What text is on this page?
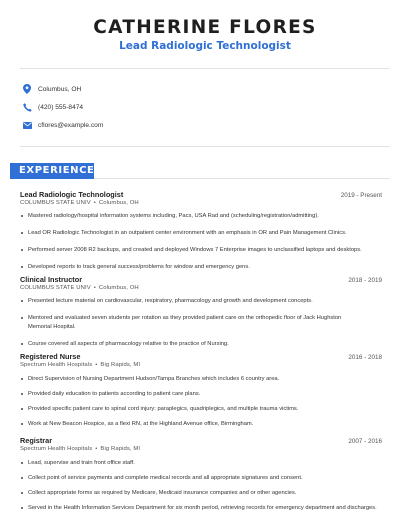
CATHERINE FLORES
Lead Radiologic Technologist
Columbus, OH
(420) 555-8474
cflores@example.com
EXPERIENCE
Lead Radiologic Technologist	2019 - Present
COLUMBUS STATE UNIV • Columbus, OH
Mastered radiology/hospital information systems including, Pacs, USA Rad and (scheduling/registration/admitting).
Lead OR Radiologic Technologist in an outpatient center environment with an emphasis in OR and Pain Management Clinics.
Performed server 2008 R2 backups, and created and deployed Windows 7 Enterprise images to unclassified laptops and desktops.
Developed reports to track general success/problems for window and emergency gens.
Clinical Instructor	2018 - 2019
COLUMBUS STATE UNIV • Columbus, OH
Presented lecture material on cardiovascular, respiratory, pharmacology and growth and development concepts.
Mentored and evaluated seven students per rotation as they provided patient care on the orthopedic floor of Jack Hughston Memorial Hospital.
Course covered all aspects of pharmacology relative to the practice of Nursing.
Registered Nurse	2016 - 2018
Spectrum Health Hospitals • Big Rapids, MI
Direct Supervision of Nursing Department Hudson/Tampa Branches which includes 6 country area.
Provided daily education to patients according to patient care plans.
Provided specific patient care to spinal cord injury: paraplegics, quadriplegics, and multiple trauma victims.
Work at New Beacon Hospice, as a flexi RN, at the Highland Avenue office, Birmingham.
Registrar	2007 - 2016
Spectrum Health Hospitals • Big Rapids, MI
Lead, supervise and train front office staff.
Collect point of service payments and complete medical records and all appropriate signatures and consent.
Collect appropriate forms as required by Medicare, Medicaid insurance companies and or other agencies.
Served in the Health Information Services Department for six month period, retrieving records for emergency department and discharges.
